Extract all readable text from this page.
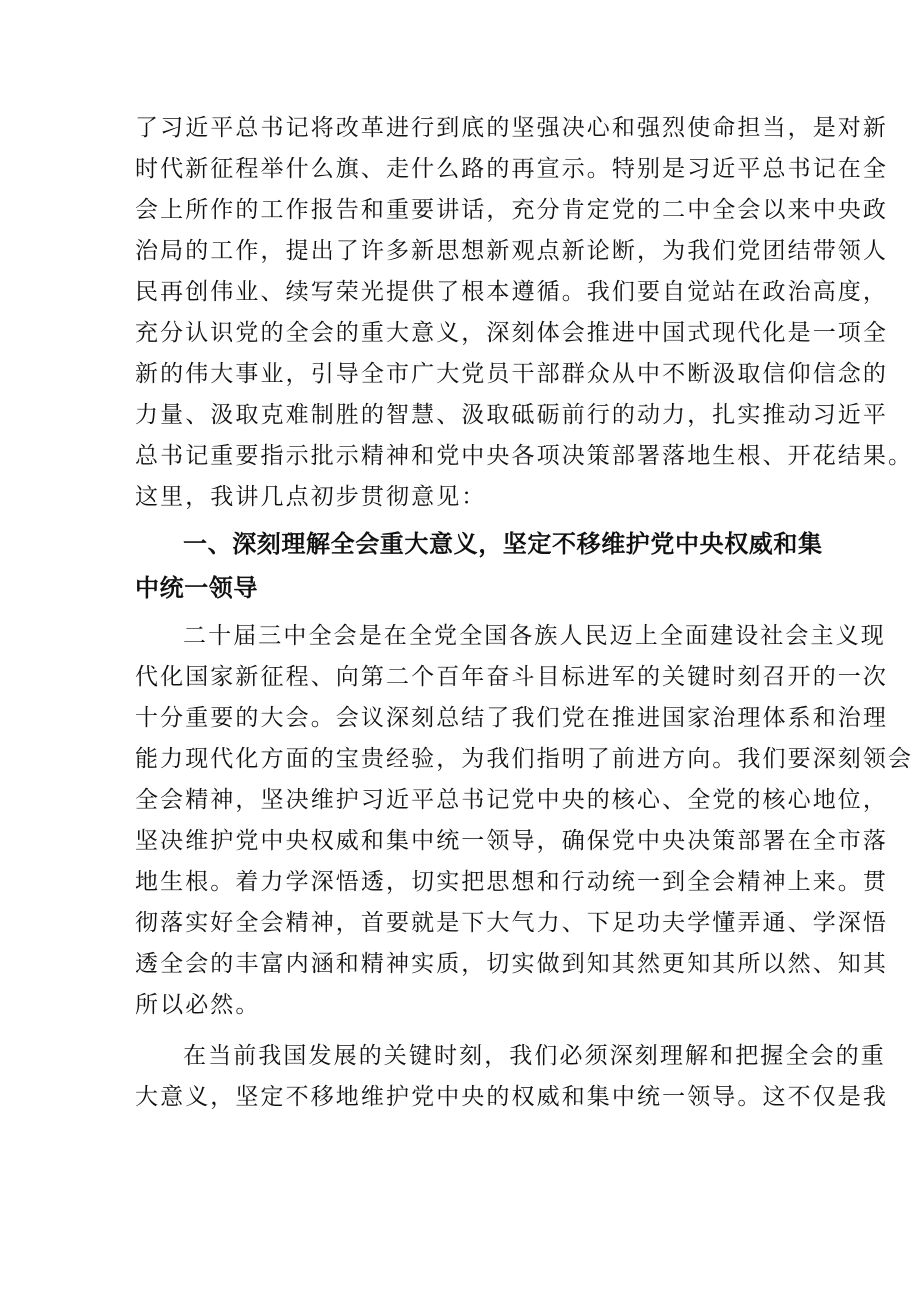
了习近平总书记将改革进行到底的坚强决心和强烈使命担当，是对新
时代新征程举什么旗、走什么路的再宣示。特别是习近平总书记在全
会上所作的工作报告和重要讲话，充分肯定党的二中全会以来中央政
治局的工作，提出了许多新思想新观点新论断，为我们党团结带领人
民再创伟业、续写荣光提供了根本遵循。我们要自觉站在政治高度，
充分认识党的全会的重大意义，深刻体会推进中国式现代化是一项全
新的伟大事业，引导全市广大党员干部群众从中不断汲取信仰信念的
力量、汲取克难制胜的智慧、汲取砥砺前行的动力，扎实推动习近平
总书记重要指示批示精神和党中央各项决策部署落地生根、开花结果。
这里，我讲几点初步贯彻意见：
一、深刻理解全会重大意义，坚定不移维护党中央权威和集
中统一领导
二十届三中全会是在全党全国各族人民迈上全面建设社会主义现
代化国家新征程、向第二个百年奋斗目标进军的关键时刻召开的一次
十分重要的大会。会议深刻总结了我们党在推进国家治理体系和治理
能力现代化方面的宝贵经验，为我们指明了前进方向。我们要深刻领会
全会精神，坚决维护习近平总书记党中央的核心、全党的核心地位，
坚决维护党中央权威和集中统一领导，确保党中央决策部署在全市落
地生根。着力学深悟透，切实把思想和行动统一到全会精神上来。贯
彻落实好全会精神，首要就是下大气力、下足功夫学懂弄通、学深悟
透全会的丰富内涵和精神实质，切实做到知其然更知其所以然、知其
所以必然。
在当前我国发展的关键时刻，我们必须深刻理解和把握全会的重
大意义，坚定不移地维护党中央的权威和集中统一领导。这不仅是我
